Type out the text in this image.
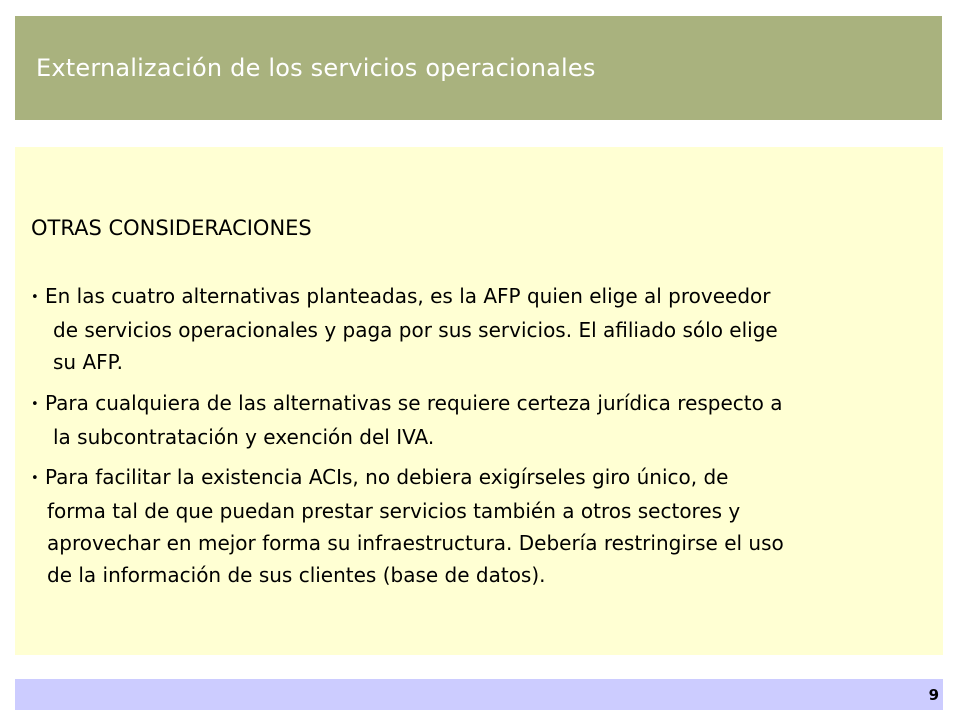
Externalización de los servicios operacionales
OTRAS CONSIDERACIONES
• En las cuatro alternativas planteadas, es la AFP quien elige al proveedor
de servicios operacionales y paga por sus servicios. El afiliado sólo elige
su AFP.
• Para cualquiera de las alternativas se requiere certeza jurídica respecto a
la subcontratación y exención del IVA.
• Para facilitar la existencia ACIs, no debiera exigírseles giro único, de
forma tal de que puedan prestar servicios también a otros sectores y
aprovechar en mejor forma su infraestructura. Debería restringirse el uso
de la información de sus clientes (base de datos).
9
